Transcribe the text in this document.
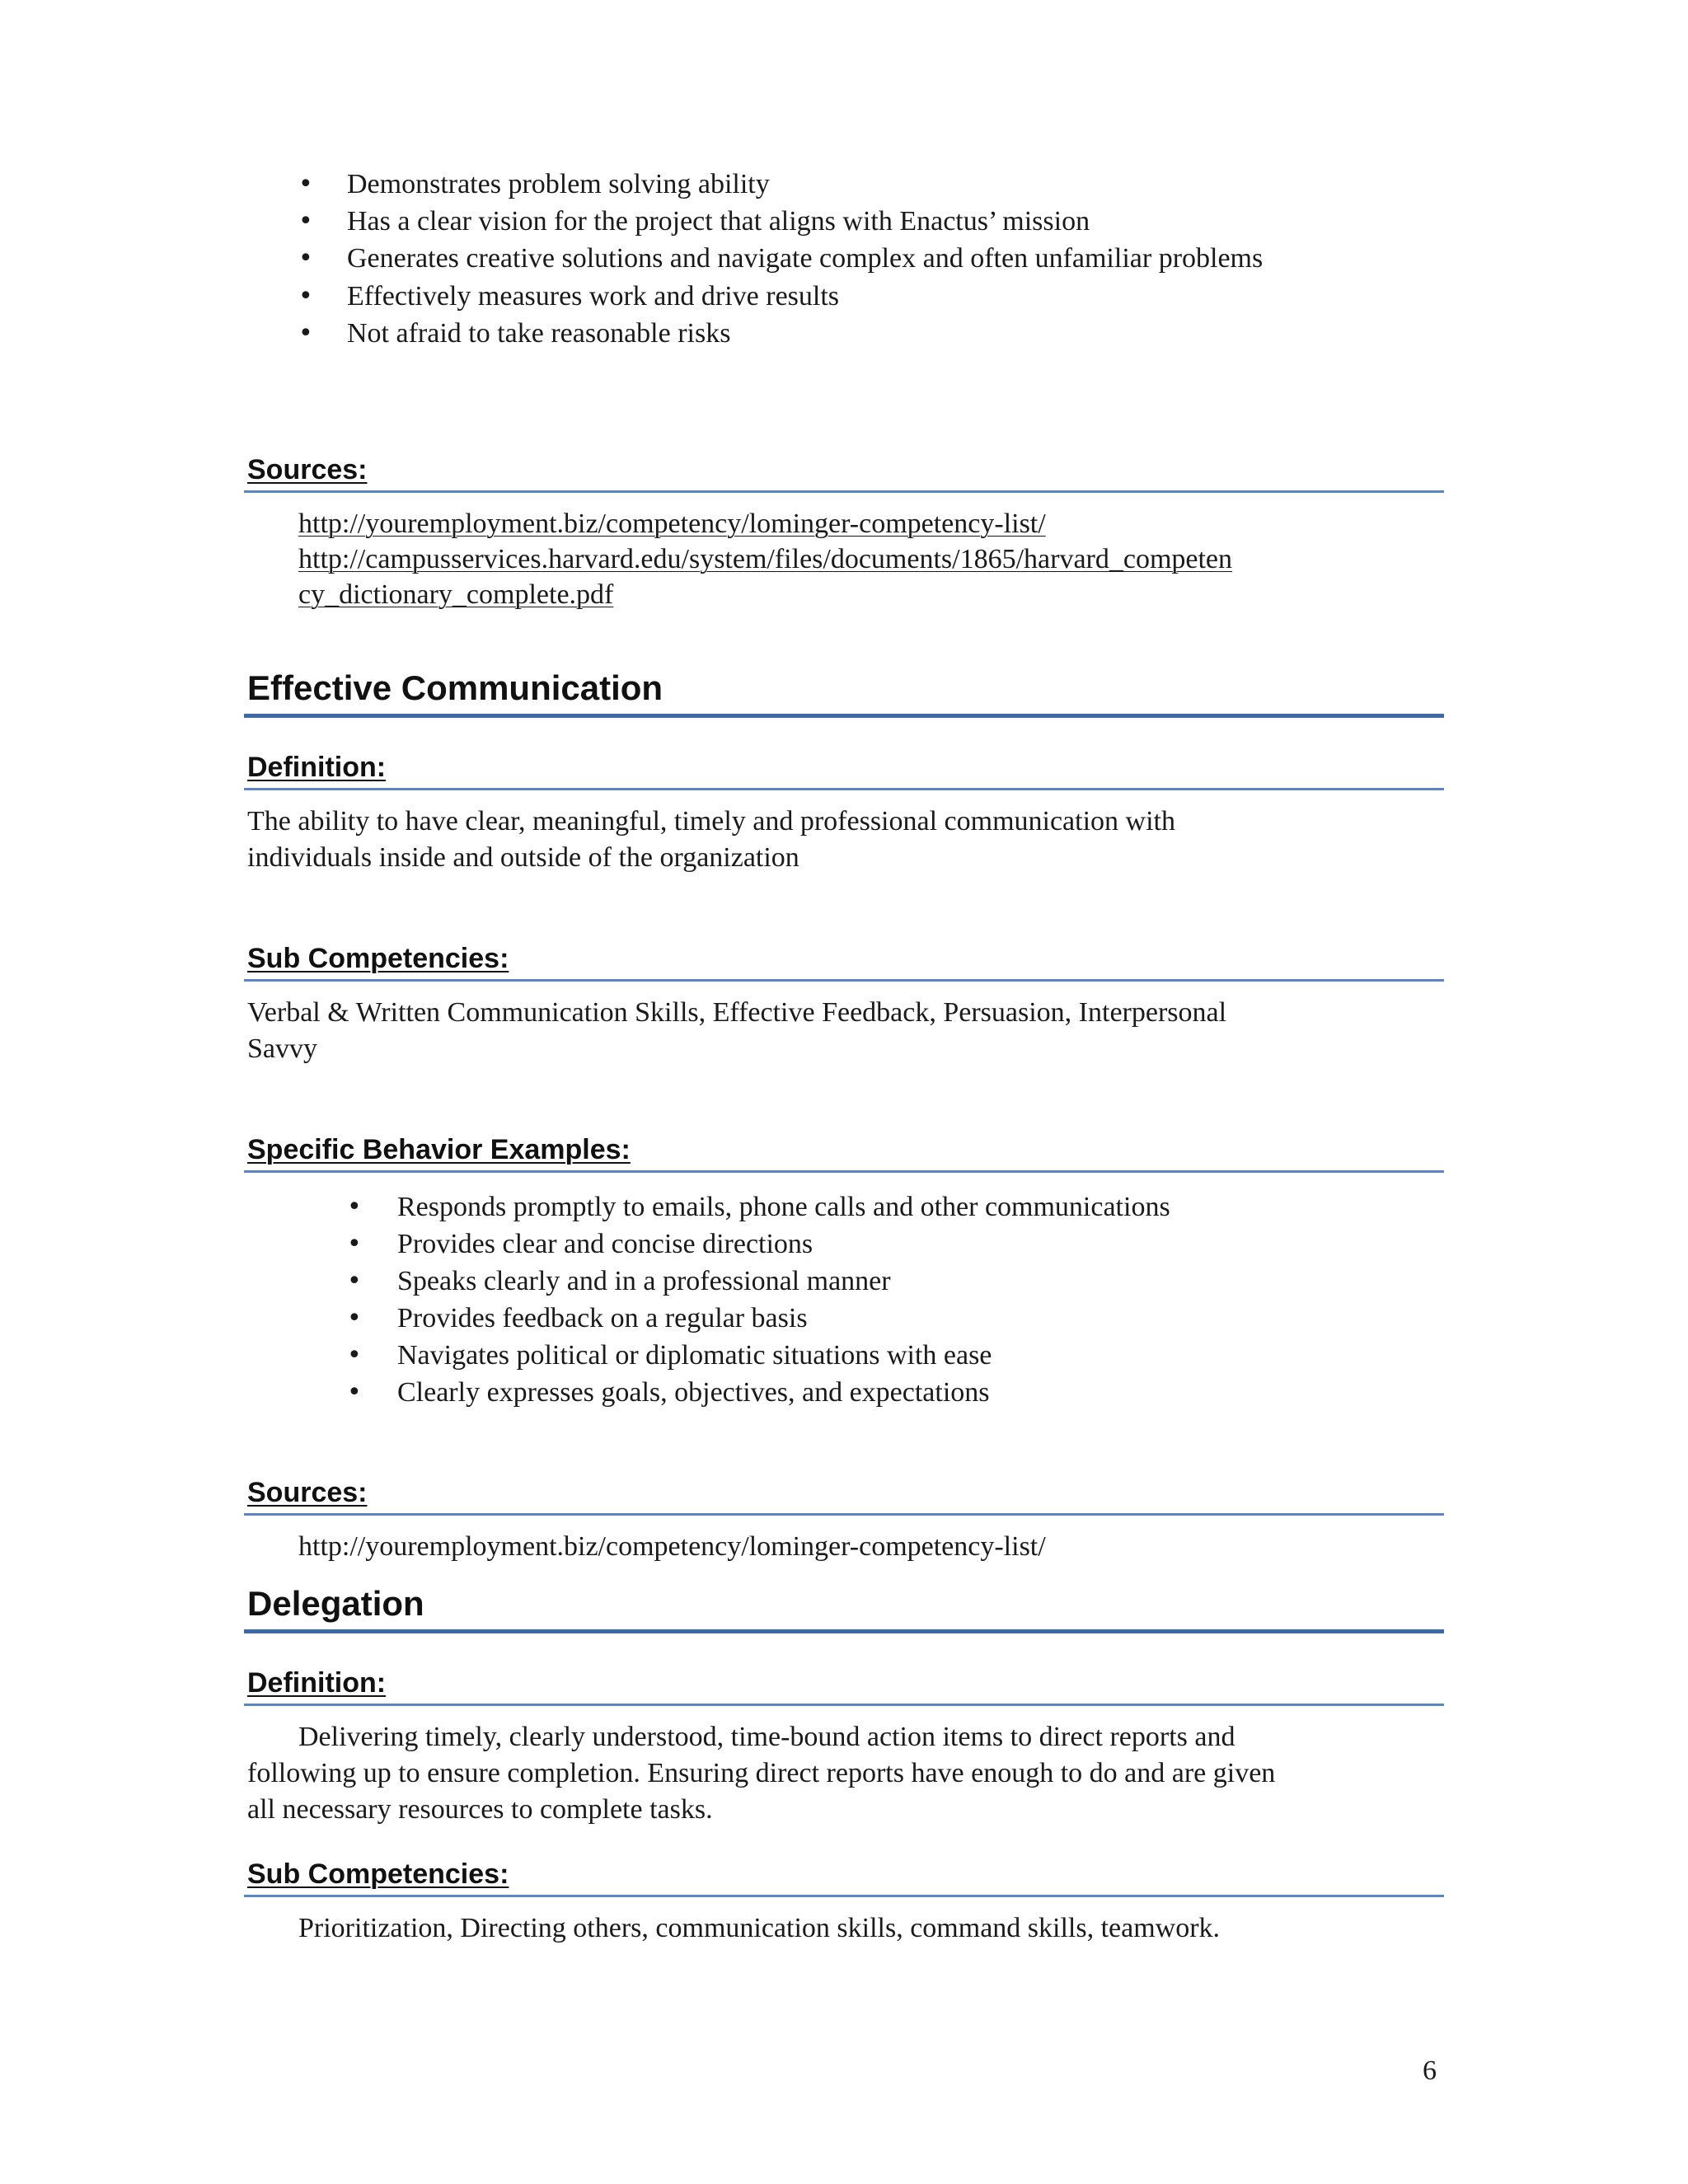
• Demonstrates problem solving ability
• Has a clear vision for the project that aligns with Enactus’ mission
• Generates creative solutions and navigate complex and often unfamiliar problems
• Effectively measures work and drive results
• Not afraid to take reasonable risks
Sources:
http://youremployment.biz/competency/lominger-competency-list/
http://campusservices.harvard.edu/system/files/documents/1865/harvard_competen
cy_dictionary_complete.pdf
Effective Communication
Definition:
The ability to have clear, meaningful, timely and professional communication with
individuals inside and outside of the organization
Sub Competencies:
Verbal & Written Communication Skills, Effective Feedback, Persuasion, Interpersonal
Savvy
Specific Behavior Examples:
• Responds promptly to emails, phone calls and other communications
• Provides clear and concise directions
• Speaks clearly and in a professional manner
• Provides feedback on a regular basis
• Navigates political or diplomatic situations with ease
• Clearly expresses goals, objectives, and expectations
Sources:
http://youremployment.biz/competency/lominger-competency-list/
Delegation
Definition:
Delivering timely, clearly understood, time-bound action items to direct reports and
following up to ensure completion. Ensuring direct reports have enough to do and are given
all necessary resources to complete tasks.
Sub Competencies:
Prioritization, Directing others, communication skills, command skills, teamwork.
6
